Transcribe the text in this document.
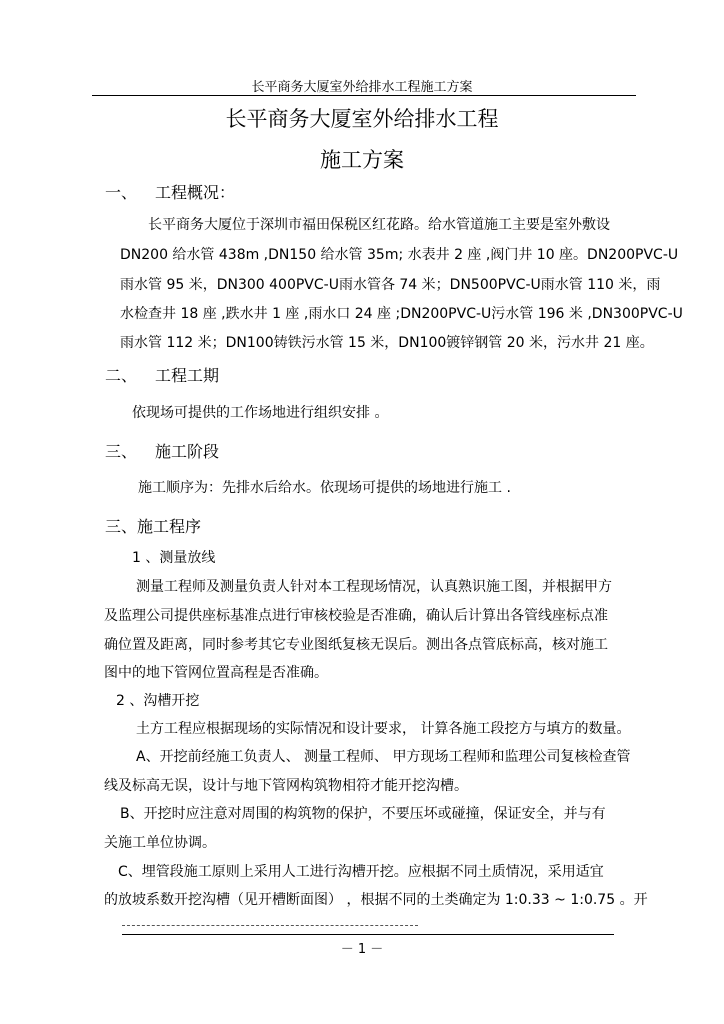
长平商务大厦室外给排水工程施工方案
长平商务大厦室外给排水工程
施工方案
一、 工程概况：
长平商务大厦位于深圳市福田保税区红花路。给水管道施工主要是室外敷设
DN200 给水管 438m ,DN150 给水管 35m; 水表井 2 座 ,阀门井 10 座。DN200PVC-U
雨水管 95 米，DN300 400PVC-U雨水管各 74 米；DN500PVC-U雨水管 110 米，雨
水检查井 18 座 ,跌水井 1 座 ,雨水口 24 座 ;DN200PVC-U污水管 196 米 ,DN300PVC-U
雨水管 112 米；DN100铸铁污水管 15 米，DN100镀锌钢管 20 米，污水井 21 座。
二、 工程工期
依现场可提供的工作场地进行组织安排 。
三、 施工阶段
施工顺序为：先排水后给水。依现场可提供的场地进行施工 .
三、 施工程序
1 、测量放线
测量工程师及测量负责人针对本工程现场情况，认真熟识施工图，并根据甲方
及监理公司提供座标基准点进行审核校验是否准确，确认后计算出各管线座标点准
确位置及距离，同时参考其它专业图纸复核无误后。测出各点管底标高，核对施工
图中的地下管网位置高程是否准确。
2 、沟槽开挖
土方工程应根据现场的实际情况和设计要求， 计算各施工段挖方与填方的数量。
A、开挖前经施工负责人、 测量工程师、 甲方现场工程师和监理公司复核检查管
线及标高无误，设计与地下管网构筑物相符才能开挖沟槽。
B、开挖时应注意对周围的构筑物的保护，不要压坏或碰撞，保证安全，并与有
关施工单位协调。
C、埋管段施工原则上采用人工进行沟槽开挖。应根据不同土质情况，采用适宜
的放坡系数开挖沟槽（见开槽断面图） ，根据不同的土类确定为 1:0.33 ~ 1:0.75 。开
－ 1 －
